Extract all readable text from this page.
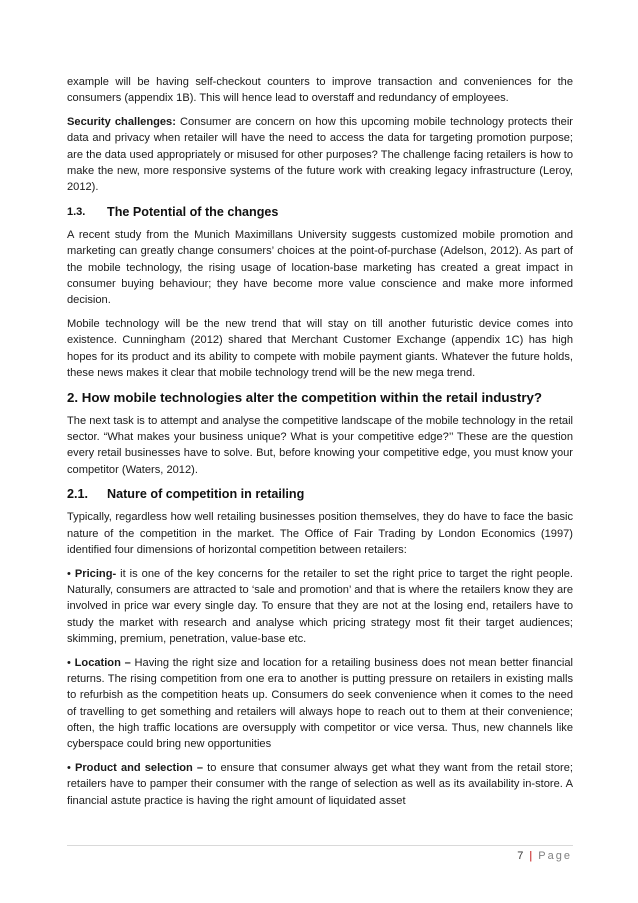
example will be having self-checkout counters to improve transaction and conveniences for the consumers (appendix 1B). This will hence lead to overstaff and redundancy of employees.

Security challenges: Consumer are concern on how this upcoming mobile technology protects their data and privacy when retailer will have the need to access the data for targeting promotion purpose; are the data used appropriately or misused for other purposes? The challenge facing retailers is how to make the new, more responsive systems of the future work with creaking legacy infrastructure (Leroy, 2012).

1.3.	The Potential of the changes

A recent study from the Munich Maximillans University suggests customized mobile promotion and marketing can greatly change consumers’ choices at the point-of-purchase (Adelson, 2012). As part of the mobile technology, the rising usage of location-base marketing has created a great impact in consumer buying behaviour; they have become more value conscience and make more informed decision.

Mobile technology will be the new trend that will stay on till another futuristic device comes into existence. Cunningham (2012) shared that Merchant Customer Exchange (appendix 1C) has high hopes for its product and its ability to compete with mobile payment giants. Whatever the future holds, these news makes it clear that mobile technology trend will be the new mega trend.

2. How mobile technologies alter the competition within the retail industry?

The next task is to attempt and analyse the competitive landscape of the mobile technology in the retail sector. “What makes your business unique? What is your competitive edge?’’ These are the question every retail businesses have to solve. But, before knowing your competitive edge, you must know your competitor (Waters, 2012).

2.1.	Nature of competition in retailing

Typically, regardless how well retailing businesses position themselves, they do have to face the basic nature of the competition in the market. The Office of Fair Trading by London Economics (1997) identified four dimensions of horizontal competition between retailers:

• Pricing- it is one of the key concerns for the retailer to set the right price to target the right people. Naturally, consumers are attracted to ‘sale and promotion’ and that is where the retailers know they are involved in price war every single day. To ensure that they are not at the losing end, retailers have to study the market with research and analyse which pricing strategy most fit their target audiences; skimming, premium, penetration, value-base etc.

• Location – Having the right size and location for a retailing business does not mean better financial returns. The rising competition from one era to another is putting pressure on retailers in existing malls to refurbish as the competition heats up. Consumers do seek convenience when it comes to the need of travelling to get something and retailers will always hope to reach out to them at their convenience; often, the high traffic locations are oversupply with competitor or vice versa. Thus, new channels like cyberspace could bring new opportunities

• Product and selection – to ensure that consumer always get what they want from the retail store; retailers have to pamper their consumer with the range of selection as well as its availability in-store. A financial astute practice is having the right amount of liquidated asset

7 | Page
